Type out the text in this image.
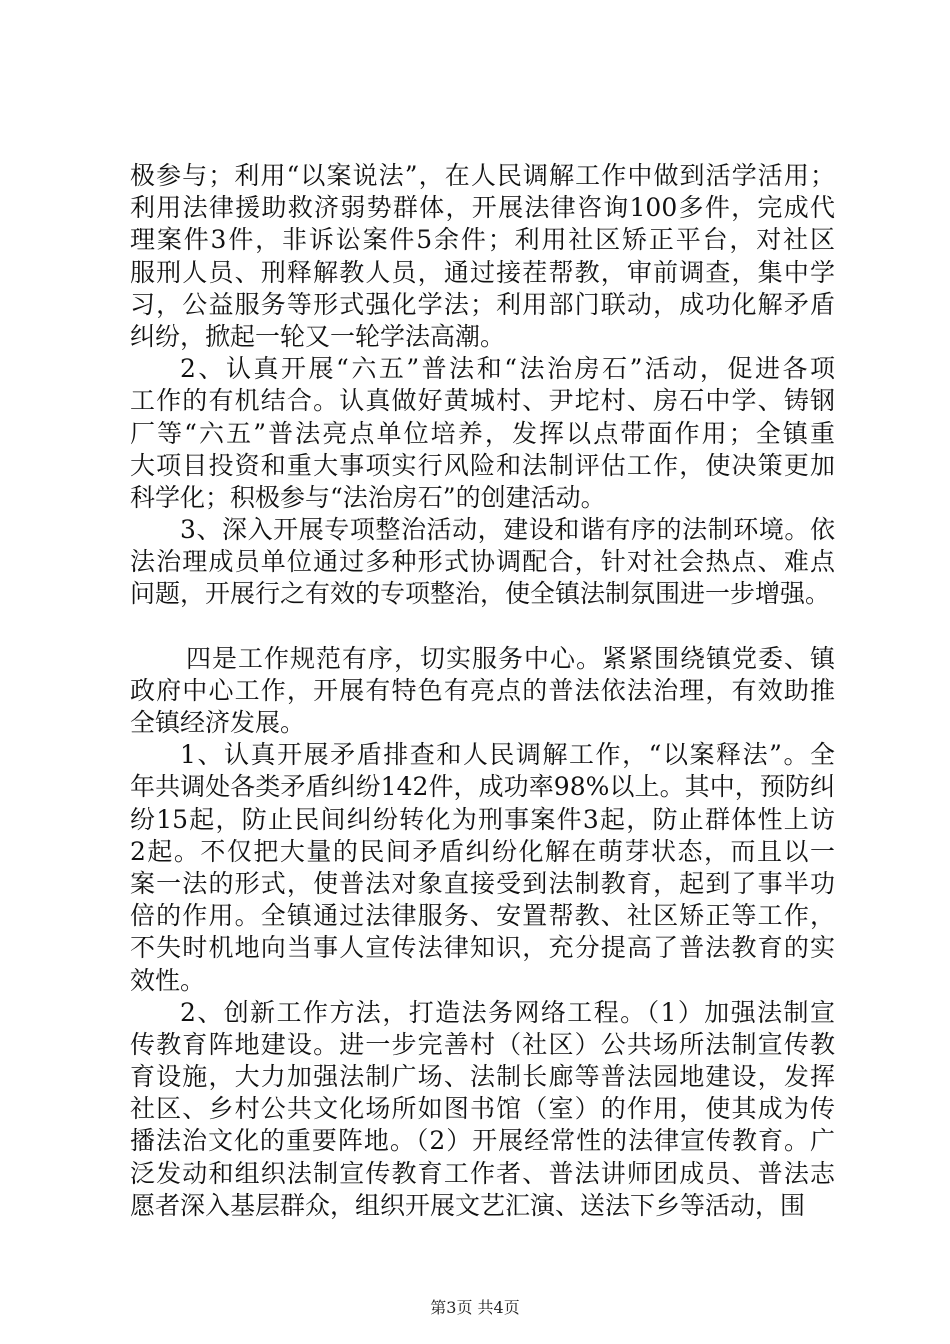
极参与；利用“以案说法”，在人民调解工作中做到活学活用；
利用法律援助救济弱势群体，开展法律咨询100多件，完成代
理案件3件，非诉讼案件5余件；利用社区矫正平台，对社区
服刑人员、刑释解教人员，通过接茬帮教，审前调查，集中学
习，公益服务等形式强化学法；利用部门联动，成功化解矛盾
纠纷，掀起一轮又一轮学法高潮。
2、认真开展“六五”普法和“法治房石”活动，促进各项
工作的有机结合。认真做好黄城村、尹坨村、房石中学、铸钢
厂等“六五”普法亮点单位培养，发挥以点带面作用；全镇重
大项目投资和重大事项实行风险和法制评估工作，使决策更加
科学化；积极参与“法治房石”的创建活动。
3、深入开展专项整治活动，建设和谐有序的法制环境。依
法治理成员单位通过多种形式协调配合，针对社会热点、难点
问题，开展行之有效的专项整治，使全镇法制氛围进一步增强。
四是工作规范有序，切实服务中心。紧紧围绕镇党委、镇
政府中心工作，开展有特色有亮点的普法依法治理，有效助推
全镇经济发展。
1、认真开展矛盾排查和人民调解工作，“以案释法”。全
年共调处各类矛盾纠纷142件，成功率98%以上。其中，预防纠
纷15起，防止民间纠纷转化为刑事案件3起，防止群体性上访
2起。不仅把大量的民间矛盾纠纷化解在萌芽状态，而且以一
案一法的形式，使普法对象直接受到法制教育，起到了事半功
倍的作用。全镇通过法律服务、安置帮教、社区矫正等工作，
不失时机地向当事人宣传法律知识，充分提高了普法教育的实
效性。
2、创新工作方法，打造法务网络工程。（1）加强法制宣
传教育阵地建设。进一步完善村（社区）公共场所法制宣传教
育设施，大力加强法制广场、法制长廊等普法园地建设，发挥
社区、乡村公共文化场所如图书馆（室）的作用，使其成为传
播法治文化的重要阵地。（2）开展经常性的法律宣传教育。广
泛发动和组织法制宣传教育工作者、普法讲师团成员、普法志
愿者深入基层群众，组织开展文艺汇演、送法下乡等活动，围
第3页 共4页
